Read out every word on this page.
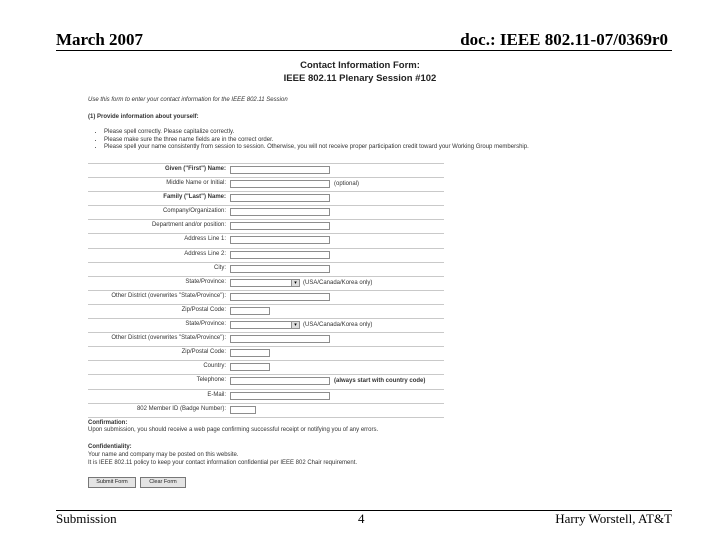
March 2007	doc.: IEEE 802.11-07/0369r0
Contact Information Form:
IEEE 802.11 Plenary Session #102
Use this form to enter your contact information for the IEEE 802.11 Session
(1) Provide information about yourself:
• Please spell correctly. Please capitalize correctly.
• Please make sure the three name fields are in the correct order.
• Please spell your name consistently from session to session. Otherwise, you will not receive proper participation credit toward your Working Group membership.
Given ("First") Name:
Middle Name or Initial:	(optional)
Family ("Last") Name:
Company/Organization:
Department and/or position:
Address Line 1:
Address Line 2:
City:
State/Province:	▾	(USA/Canada/Korea only)
Other District (overwrites "State/Province"):
Zip/Postal Code:
State/Province:	▾	(USA/Canada/Korea only)
Other District (overwrites "State/Province"):
Zip/Postal Code:
Country:
Telephone:	(always start with country code)
E-Mail:
802 Member ID (Badge Number):
Confirmation:
Upon submission, you should receive a web page confirming successful receipt or notifying you of any errors.
Confidentiality:
Your name and company may be posted on this website.
It is IEEE 802.11 policy to keep your contact information confidential per IEEE 802 Chair requirement.
Submit Form	Clear Form
Submission	4	Harry Worstell, AT&T
